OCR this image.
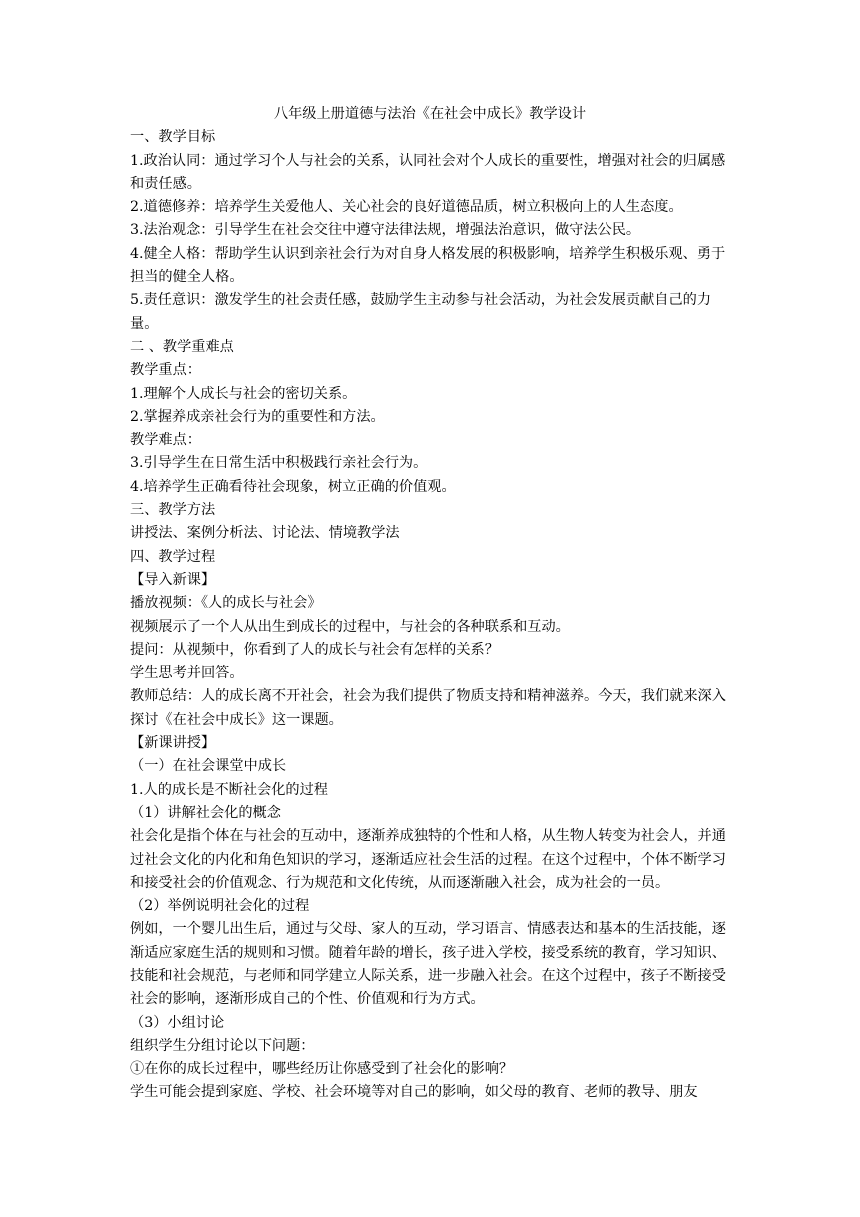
八年级上册道德与法治《在社会中成长》教学设计

一、教学目标

1.政治认同：通过学习个人与社会的关系，认同社会对个人成长的重要性，增强对社会的归属感和责任感。

2.道德修养：培养学生关爱他人、关心社会的良好道德品质，树立积极向上的人生态度。

3.法治观念：引导学生在社会交往中遵守法律法规，增强法治意识，做守法公民。

4.健全人格：帮助学生认识到亲社会行为对自身人格发展的积极影响，培养学生积极乐观、勇于担当的健全人格。

5.责任意识：激发学生的社会责任感，鼓励学生主动参与社会活动，为社会发展贡献自己的力量。

二 、教学重难点

教学重点：

1.理解个人成长与社会的密切关系。

2.掌握养成亲社会行为的重要性和方法。

教学难点：

3.引导学生在日常生活中积极践行亲社会行为。

4.培养学生正确看待社会现象，树立正确的价值观。

三、教学方法

讲授法、案例分析法、讨论法、情境教学法

四、教学过程

【导入新课】

播放视频：《人的成长与社会》

视频展示了一个人从出生到成长的过程中，与社会的各种联系和互动。

提问：从视频中，你看到了人的成长与社会有怎样的关系？

学生思考并回答。

教师总结：人的成长离不开社会，社会为我们提供了物质支持和精神滋养。今天，我们就来深入探讨《在社会中成长》这一课题。

【新课讲授】

（一）在社会课堂中成长

1.人的成长是不断社会化的过程

（1）讲解社会化的概念

社会化是指个体在与社会的互动中，逐渐养成独特的个性和人格，从生物人转变为社会人，并通过社会文化的内化和角色知识的学习，逐渐适应社会生活的过程。在这个过程中，个体不断学习和接受社会的价值观念、行为规范和文化传统，从而逐渐融入社会，成为社会的一员。

（2）举例说明社会化的过程

例如，一个婴儿出生后，通过与父母、家人的互动，学习语言、情感表达和基本的生活技能，逐渐适应家庭生活的规则和习惯。随着年龄的增长，孩子进入学校，接受系统的教育，学习知识、技能和社会规范，与老师和同学建立人际关系，进一步融入社会。在这个过程中，孩子不断接受社会的影响，逐渐形成自己的个性、价值观和行为方式。

（3）小组讨论

组织学生分组讨论以下问题：

①在你的成长过程中，哪些经历让你感受到了社会化的影响？

学生可能会提到家庭、学校、社会环境等对自己的影响，如父母的教育、老师的教导、朋友
